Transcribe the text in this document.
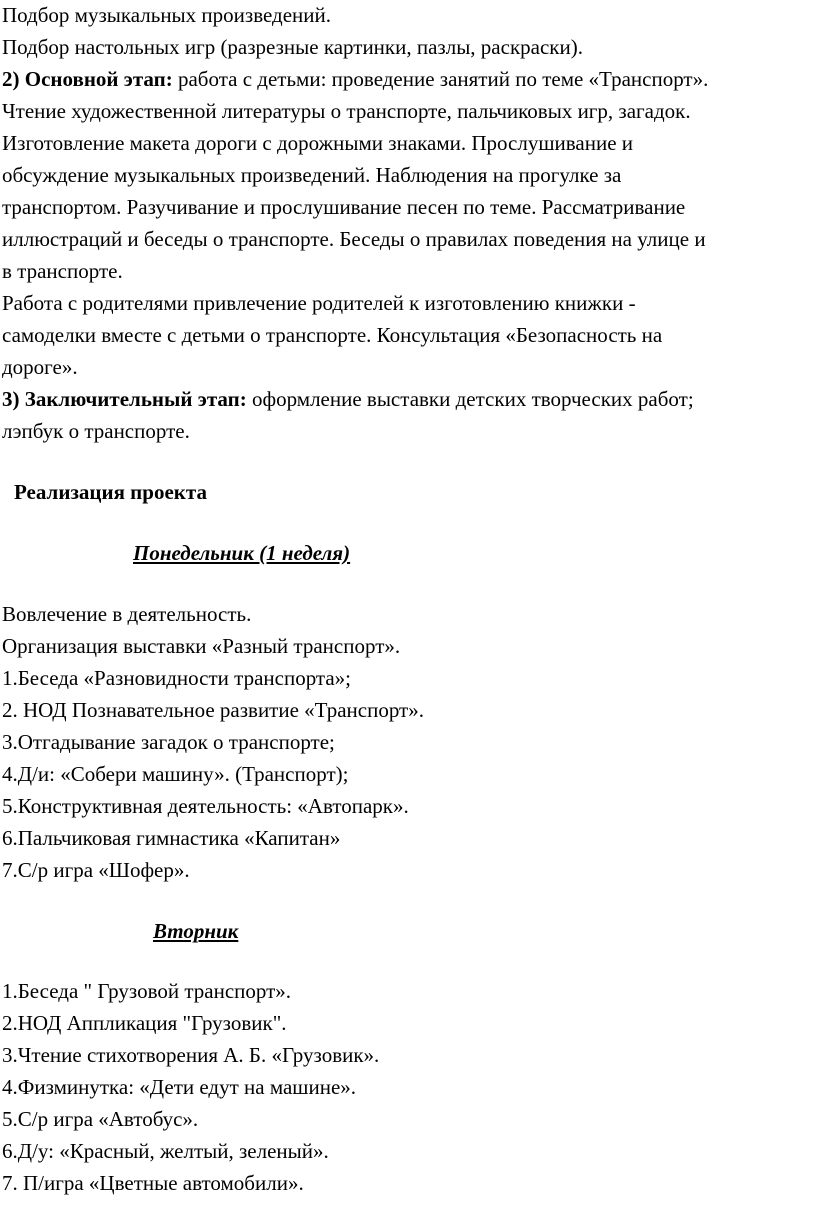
Подбор музыкальных произведений.
Подбор настольных игр (разрезные картинки, пазлы, раскраски).
2) Основной этап: работа с детьми: проведение занятий по теме «Транспорт».
Чтение художественной литературы о транспорте, пальчиковых игр, загадок.
Изготовление макета дороги с дорожными знаками. Прослушивание и
обсуждение музыкальных произведений. Наблюдения на прогулке за
транспортом. Разучивание и прослушивание песен по теме. Рассматривание
иллюстраций и беседы о транспорте. Беседы о правилах поведения на улице и
в транспорте.
Работа с родителями привлечение родителей к изготовлению книжки -
самоделки вместе с детьми о транспорте. Консультация «Безопасность на
дороге».
3) Заключительный этап: оформление выставки детских творческих работ;
лэпбук о транспорте.
Реализация проекта
Понедельник (1 неделя)
Вовлечение в деятельность.
Организация выставки «Разный транспорт».
1.Беседа «Разновидности транспорта»;
2. НОД Познавательное развитие «Транспорт».
3.Отгадывание загадок о транспорте;
4.Д/и: «Собери машину». (Транспорт);
5.Конструктивная деятельность: «Автопарк».
6.Пальчиковая гимнастика «Капитан»
7.С/р игра «Шофер».
Вторник
1.Беседа " Грузовой транспорт».
2.НОД Аппликация "Грузовик".
3.Чтение стихотворения А. Б. «Грузовик».
4.Физминутка: «Дети едут на машине».
5.С/р игра «Автобус».
6.Д/у: «Красный, желтый, зеленый».
7. П/игра «Цветные автомобили».
